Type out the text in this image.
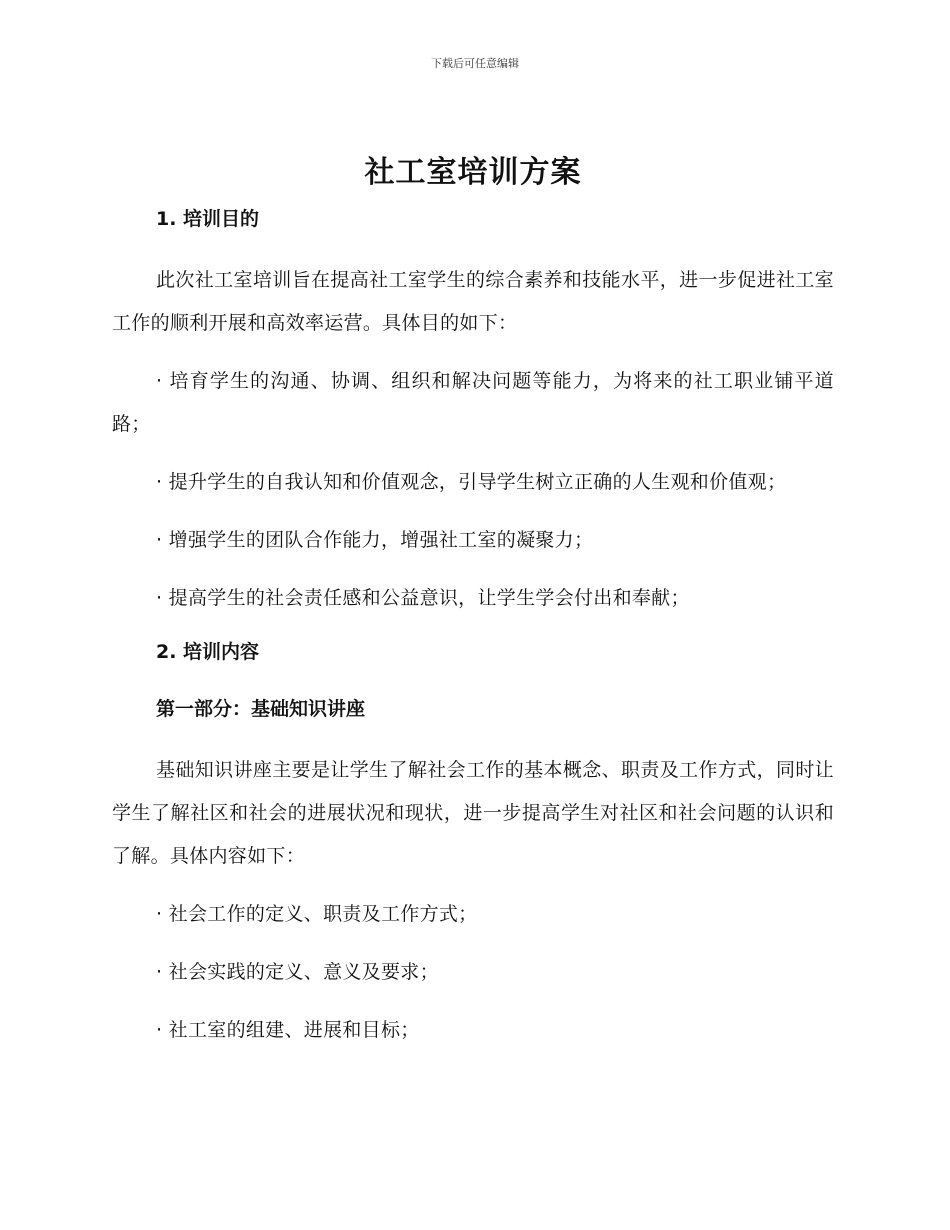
下载后可任意编辑
社工室培训方案
1. 培训目的

此次社工室培训旨在提高社工室学生的综合素养和技能水平，进一步促进社工室工作的顺利开展和高效率运营。具体目的如下：

· 培育学生的沟通、协调、组织和解决问题等能力，为将来的社工职业铺平道路；
· 提升学生的自我认知和价值观念，引导学生树立正确的人生观和价值观；
· 增强学生的团队合作能力，增强社工室的凝聚力；
· 提高学生的社会责任感和公益意识，让学生学会付出和奉献；
2. 培训内容
第一部分：基础知识讲座

基础知识讲座主要是让学生了解社会工作的基本概念、职责及工作方式，同时让学生了解社区和社会的进展状况和现状，进一步提高学生对社区和社会问题的认识和了解。具体内容如下：

· 社会工作的定义、职责及工作方式；
· 社会实践的定义、意义及要求；
· 社工室的组建、进展和目标；
